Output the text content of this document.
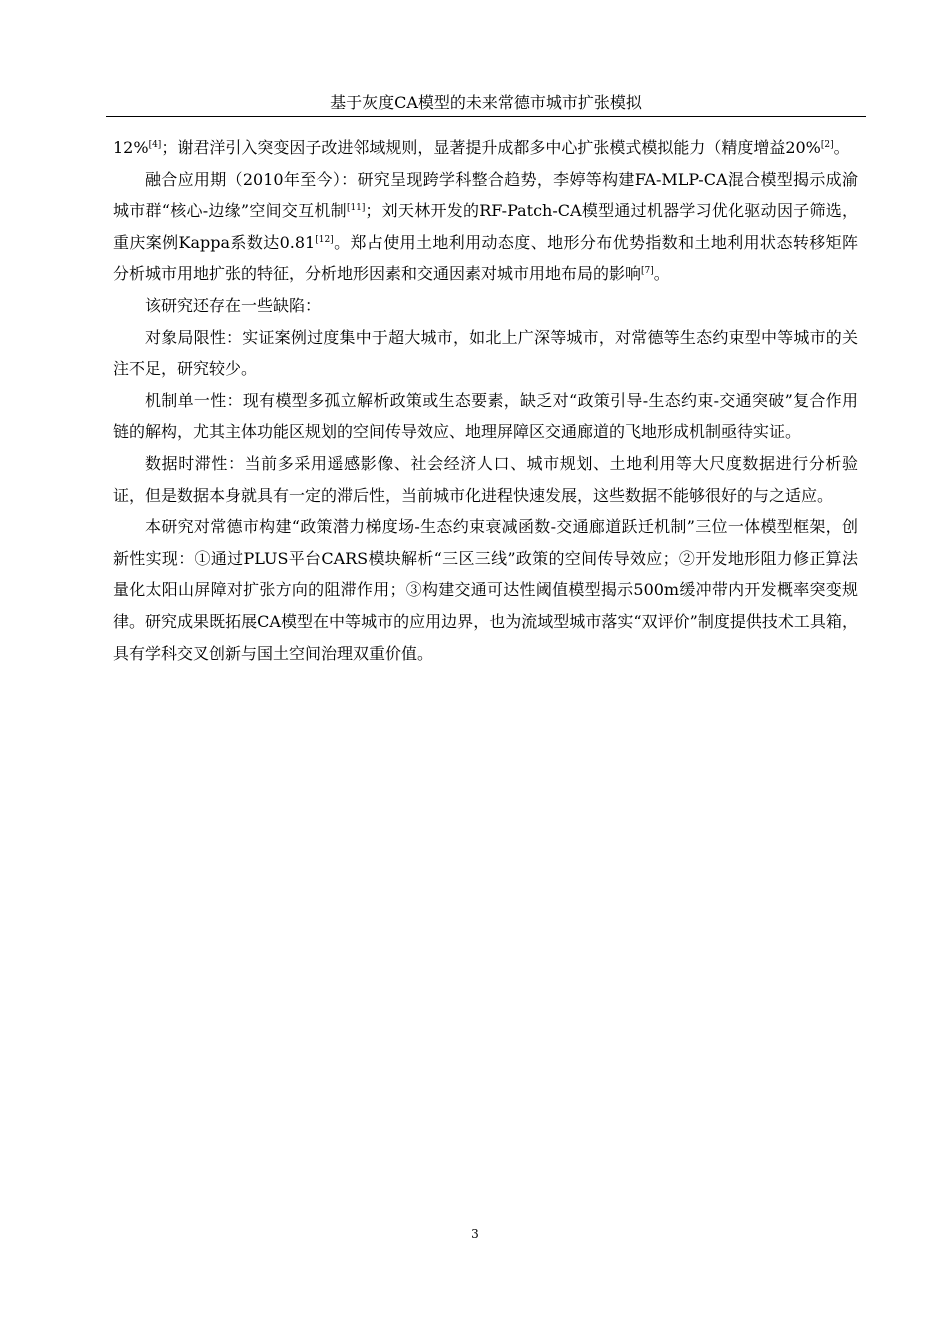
基于灰度CA模型的未来常德市城市扩张模拟

12%[4]；谢君洋引入突变因子改进邻域规则，显著提升成都多中心扩张模式模拟能力（精度增益20%[2]。

融合应用期（2010年至今）：研究呈现跨学科整合趋势，李婷等构建FA-MLP-CA混合模型揭示成渝城市群“核心-边缘”空间交互机制[11]；刘天林开发的RF-Patch-CA模型通过机器学习优化驱动因子筛选，重庆案例Kappa系数达0.81[12]。郑占使用土地利用动态度、地形分布优势指数和土地利用状态转移矩阵分析城市用地扩张的特征，分析地形因素和交通因素对城市用地布局的影响[7]。

该研究还存在一些缺陷：

对象局限性：实证案例过度集中于超大城市，如北上广深等城市，对常德等生态约束型中等城市的关注不足，研究较少。

机制单一性：现有模型多孤立解析政策或生态要素，缺乏对“政策引导-生态约束-交通突破”复合作用链的解构，尤其主体功能区规划的空间传导效应、地理屏障区交通廊道的飞地形成机制亟待实证。

数据时滞性：当前多采用遥感影像、社会经济人口、城市规划、土地利用等大尺度数据进行分析验证，但是数据本身就具有一定的滞后性，当前城市化进程快速发展，这些数据不能够很好的与之适应。

本研究对常德市构建“政策潜力梯度场-生态约束衰减函数-交通廊道跃迁机制”三位一体模型框架，创新性实现：①通过PLUS平台CARS模块解析“三区三线”政策的空间传导效应；②开发地形阻力修正算法量化太阳山屏障对扩张方向的阻滞作用；③构建交通可达性阈值模型揭示500m缓冲带内开发概率突变规律。研究成果既拓展CA模型在中等城市的应用边界，也为流域型城市落实“双评价”制度提供技术工具箱，具有学科交叉创新与国土空间治理双重价值。

3
